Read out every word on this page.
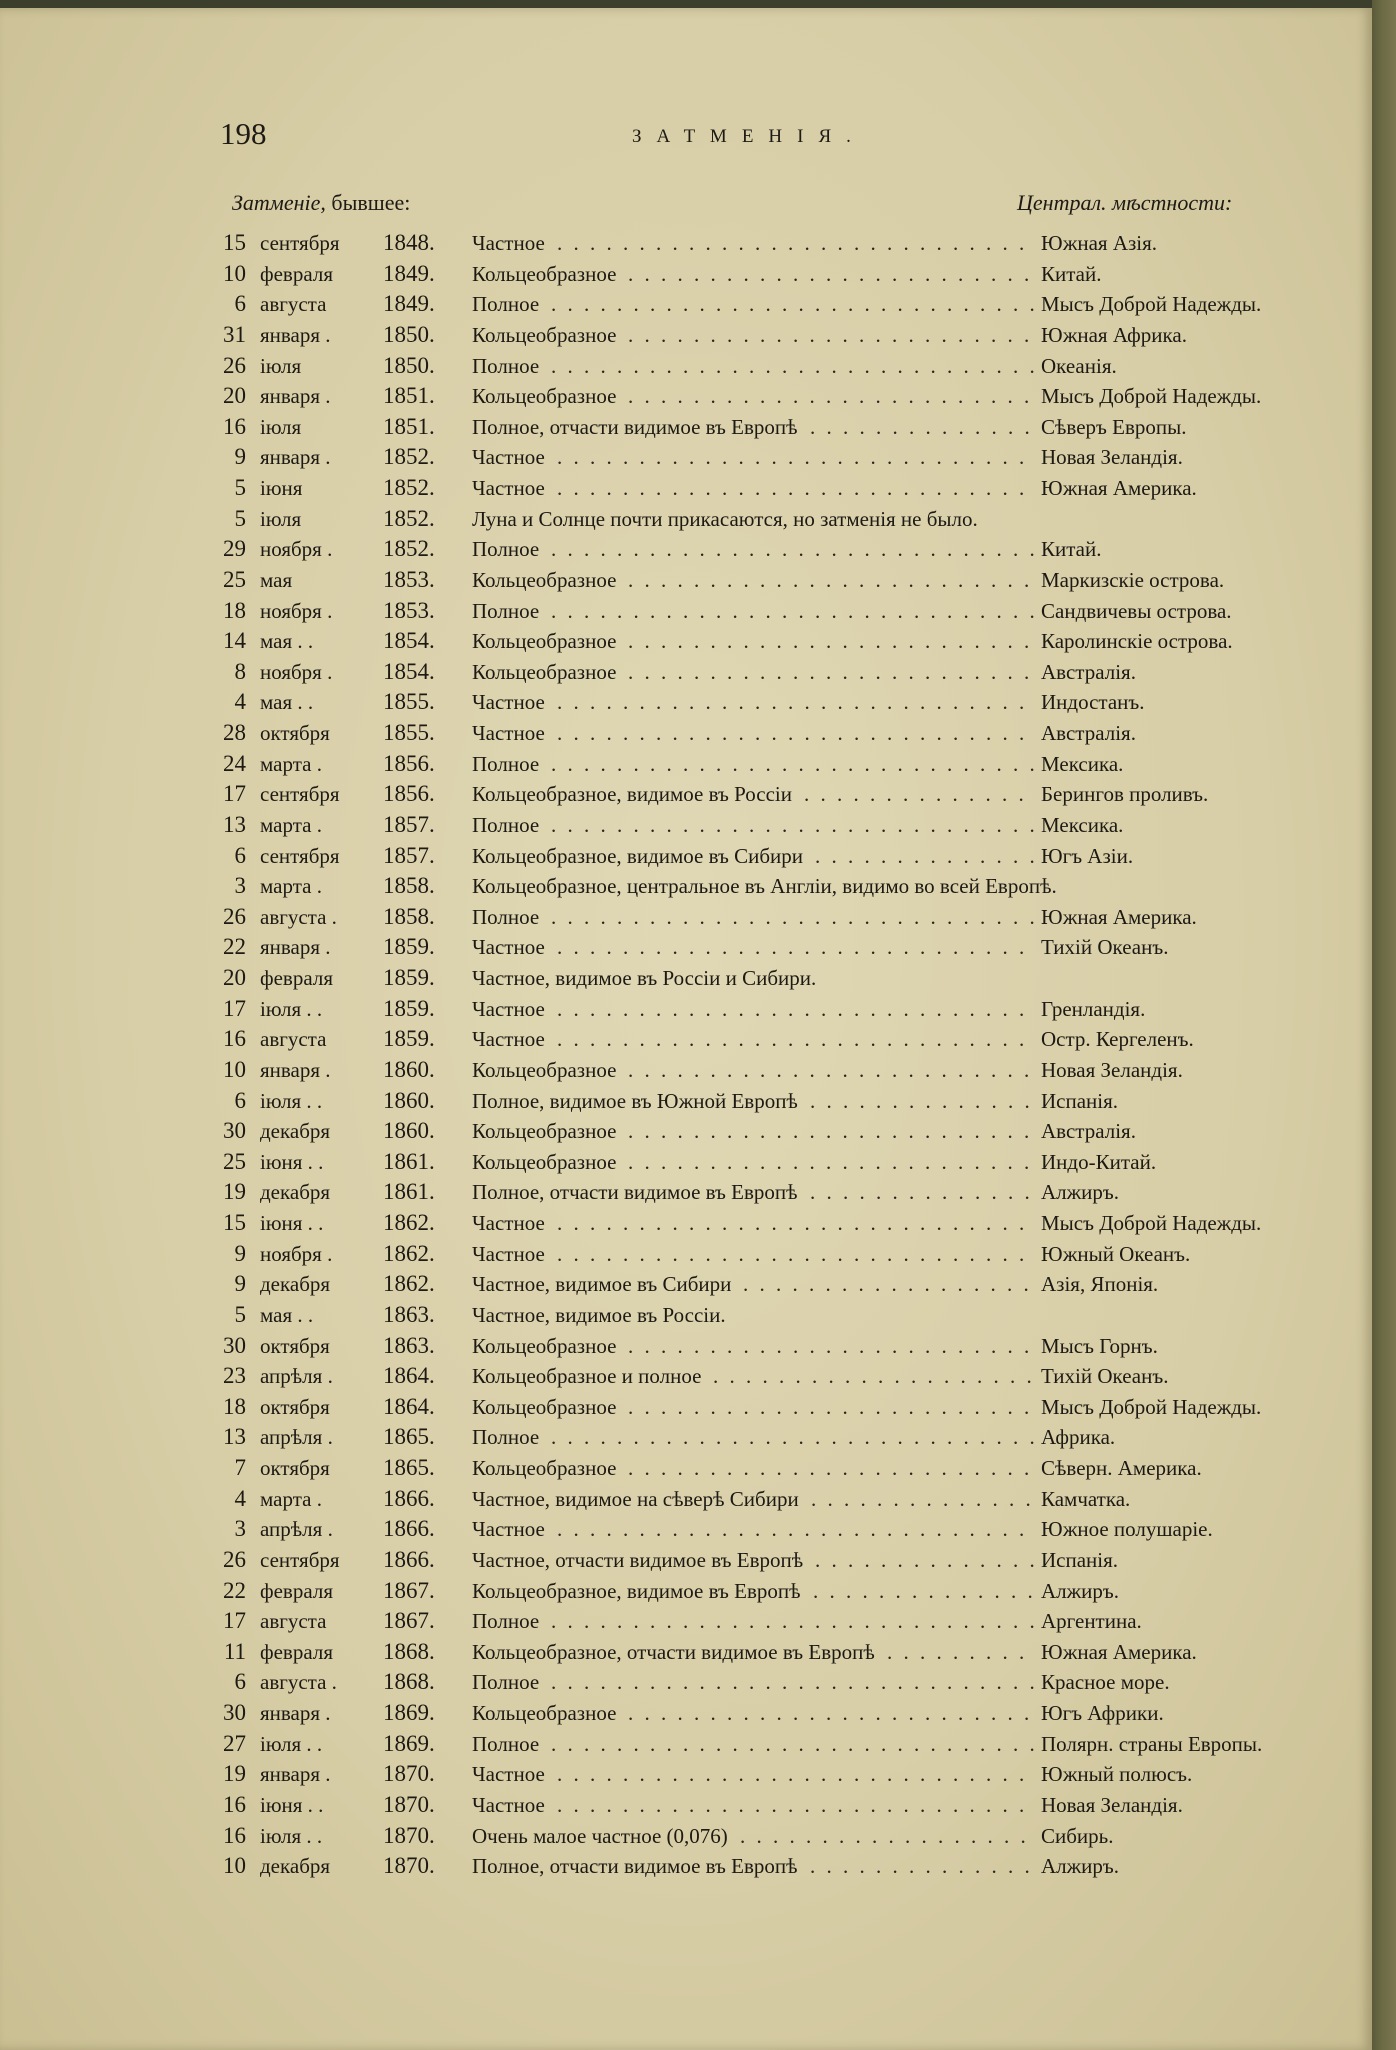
198	ЗАТМЕНІЯ.
Затменіе, бывшее:	Централ. мѣстности:
15 сентября 1848. Частное	Южная Азія.
. . .
10 февраля 1849. Кольцеобразное	Китай.
. . .
6 августа 1849. Полное	Мысъ Доброй Надежды.
. . .
31 января . 1850. Кольцеобразное	Южная Африка.
. . .
26 іюля	1850. Полное	Океанія.
. . .
20 января . 1851. Кольцеобразное	Мысъ Доброй Надежды.
. . .
16 іюля	1851. Полное, отчасти видимое въ Европѣ	Сѣверъ Европы.
. . .
9 января . 1852. Частное	Новая Зеландія.
. . .
5 іюня	1852. Частное	Южная Америка.
. . .
5 іюля	1852. Луна и Солнце почти прикасаются, но затменія не было.
29 ноября . 1852. Полное	Китай.
. . .
25 мая	1853. Кольцеобразное	Маркизскіе острова.
. . .
18 ноября . 1853. Полное	Сандвичевы острова.
. . .
14 мая . .	1854. Кольцеобразное	Каролинскіе острова.
. . .
8 ноября . 1854. Кольцеобразное	Австралія.
. . .
4 мая . .	1855. Частное	Индостанъ.
. . .
28 октября 1855. Частное	Австралія.
. . .
24 марта .	1856. Полное	Мексика.
. . .
17 сентября 1856. Кольцеобразное, видимое въ Россіи	Берингов проливъ.
. . .
13 марта .	1857. Полное	Мексика.
. . .
6 сентября 1857. Кольцеобразное, видимое въ Сибири	Югъ Азіи.
. . .
3 марта .	1858. Кольцеобразное, центральное въ Англіи, видимо во всей Европѣ.
26 августа . 1858. Полное	Южная Америка.
. . .
22 января . 1859. Частное	Тихій Океанъ.
. . .
20 февраля 1859. Частное, видимое въ Россіи и Сибири.
17 іюля . .	1859. Частное	Гренландія.
. . .
16 августа 1859. Частное	Остр. Кергеленъ.
. . .
10 января . 1860. Кольцеобразное	Новая Зеландія.
. . .
6 іюля . .	1860. Полное, видимое въ Южной Европѣ	Испанія.
. . .
30 декабря 1860. Кольцеобразное	Австралія.
. . .
25 іюня . .	1861. Кольцеобразное	Индо-Китай.
. . .
19 декабря 1861. Полное, отчасти видимое въ Европѣ	Алжиръ.
. . .
15 іюня . .	1862. Частное	Мысъ Доброй Надежды.
. . .
9 ноября . 1862. Частное	Южный Океанъ.
. . .
9 декабря 1862. Частное, видимое въ Сибири	Азія, Японія.
. . .
5 мая . .	1863. Частное, видимое въ Россіи.
30 октября 1863. Кольцеобразное	Мысъ Горнъ.
. . .
23 апрѣля . 1864. Кольцеобразное и полное	Тихій Океанъ.
. . .
18 октября 1864. Кольцеобразное	Мысъ Доброй Надежды.
. . .
13 апрѣля . 1865. Полное	Африка.
. . .
7 октября 1865. Кольцеобразное	Сѣверн. Америка.
. . .
4 марта .	1866. Частное, видимое на сѣверѣ Сибири	Камчатка.
. . .
3 апрѣля . 1866. Частное	Южное полушаріе.
. . .
26 сентября 1866. Частное, отчасти видимое въ Европѣ	Испанія.
. . .
22 февраля 1867. Кольцеобразное, видимое въ Европѣ	Алжиръ.
. . .
17 августа 1867. Полное	Аргентина.
. . .
11 февраля 1868. Кольцеобразное, отчасти видимое въ Европѣ	Южная Америка.
. . .
6 августа . 1868. Полное	Красное море.
. . .
30 января . 1869. Кольцеобразное	Югъ Африки.
. . .
27 іюля . .	1869. Полное	Полярн. страны Европы.
. . .
19 января . 1870. Частное	Южный полюсъ.
. . .
16 іюня . .	1870. Частное	Новая Зеландія.
. . .
16 іюля . .	1870. Очень малое частное (0,076)	Сибирь.
. . .
10 декабря 1870. Полное, отчасти видимое въ Европѣ	Алжиръ.
. . .
